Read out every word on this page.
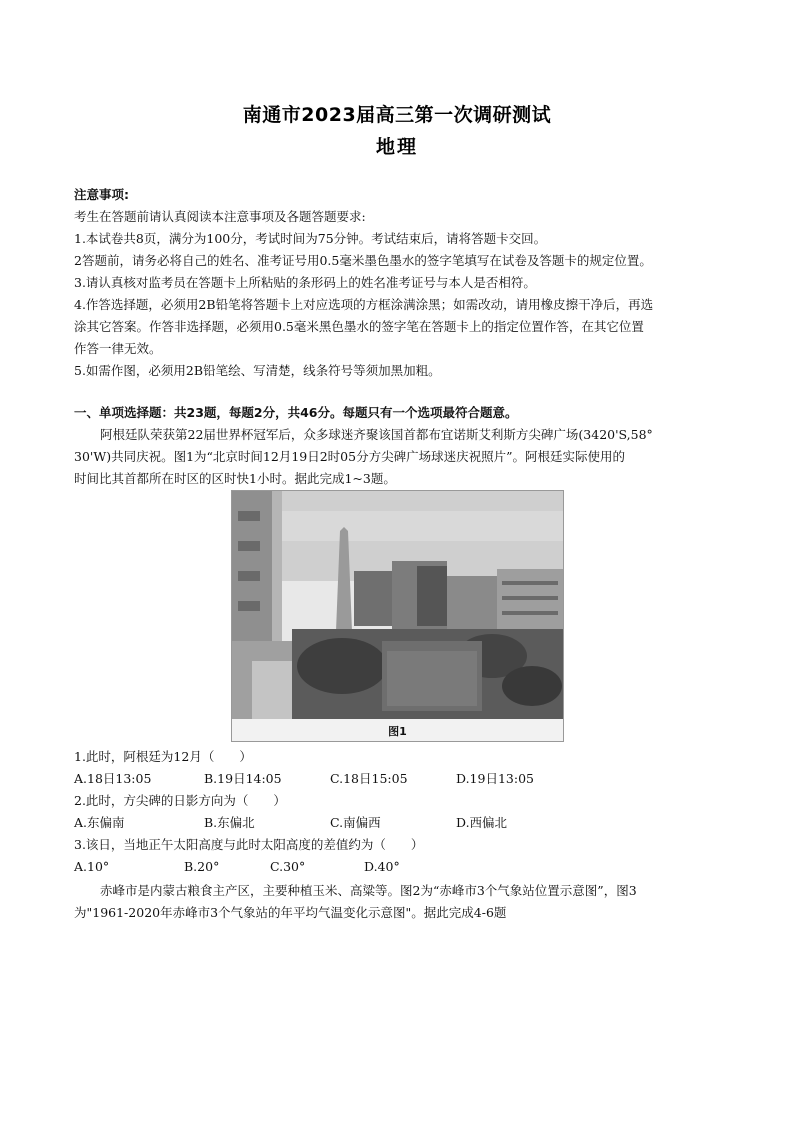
南通市2023届高三第一次调研测试
地理
注意事项:
考生在答题前请认真阅读本注意事项及各题答题要求:
1.本试卷共8页，满分为100分，考试时间为75分钟。考试结束后，请将答题卡交回。
2答题前，请务必将自己的姓名、准考证号用0.5毫米墨色墨水的签字笔填写在试卷及答题卡的规定位置。
3.请认真核对监考员在答题卡上所粘贴的条形码上的姓名准考证号与本人是否相符。
4.作答选择题，必须用2B铅笔将答题卡上对应选项的方框涂满涂黑；如需改动，请用橡皮擦干净后，再选
涂其它答案。作答非选择题，必须用0.5毫米黑色墨水的签字笔在答题卡上的指定位置作答，在其它位置
作答一律无效。
5.如需作图，必须用2B铅笔绘、写清楚，线条符号等须加黑加粗。
一、单项选择题：共23题，每题2分，共46分。每题只有一个选项最符合题意。
阿根廷队荣获第22届世界杯冠军后，众多球迷齐聚该国首都布宜诺斯艾利斯方尖碑广场(3420'S,58°
30'W)共同庆祝。图1为“北京时间12月19日2时05分方尖碑广场球迷庆祝照片”。阿根廷实际使用的
时间比其首都所在时区的区时快1小时。据此完成1~3题。
图1
1.此时，阿根廷为12月（　　）
A.18日13:05	B.19日14:05	C.18日15:05	D.19日13:05
2.此时，方尖碑的日影方向为（　　）
A.东偏南	B.东偏北	C.南偏西	D.西偏北
3.该日，当地正午太阳高度与此时太阳高度的差值约为（　　）
A.10°	B.20°	C.30°	D.40°
赤峰市是内蒙古粮食主产区，主要种植玉米、高粱等。图2为“赤峰市3个气象站位置示意图”，图3
为"1961-2020年赤峰市3个气象站的年平均气温变化示意图"。据此完成4-6题
